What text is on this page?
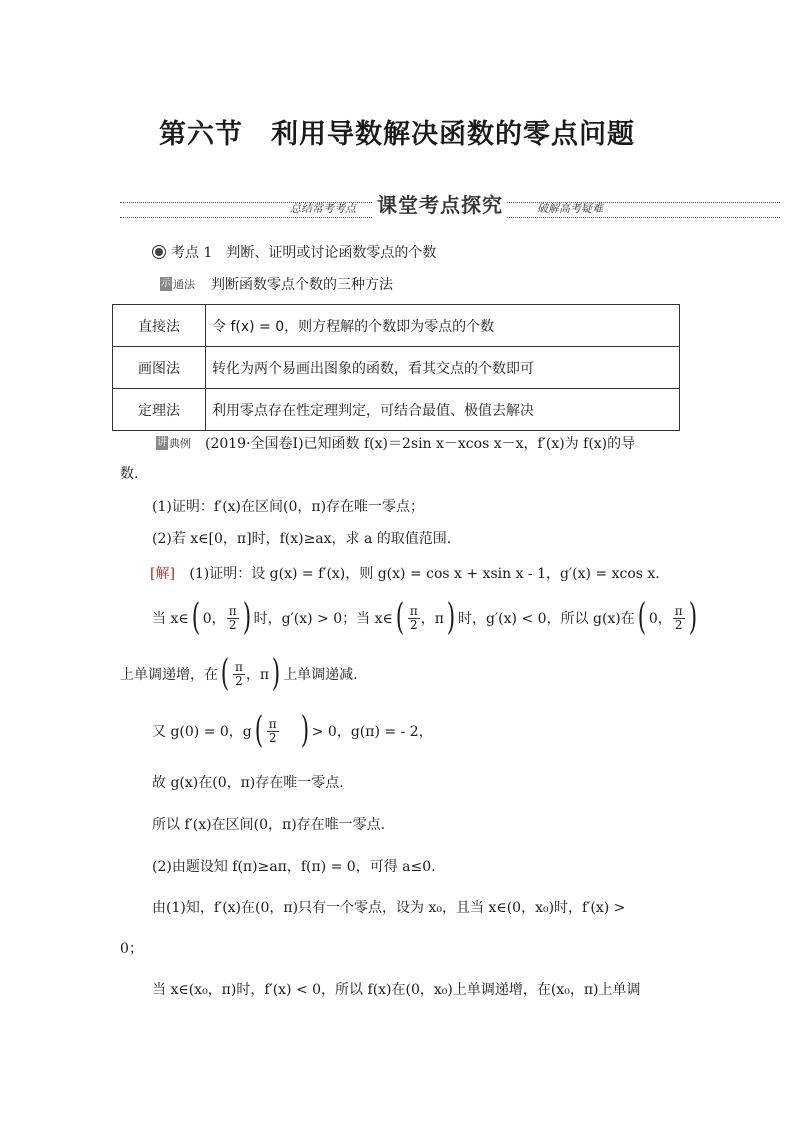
第六节　利用导数解决函数的零点问题
总结常考考点 课堂考点探究	破解高考疑难
考点 1 判断、证明或讨论函数零点的个数
示 通法 判断函数零点个数的三种方法
直接法	令 f(x) = 0，则方程解的个数即为零点的个数
画图法	转化为两个易画出图象的函数，看其交点的个数即可
定理法	利用零点存在性定理判定，可结合最值、极值去解决
讲 典例 (2019·全国卷Ⅰ)已知函数 f(x)＝2sin x－xcos x－x，f′(x)为 f(x)的导
数.
(1)证明：f′(x)在区间(0，π)存在唯一零点；
(2)若 x∈[0，π]时，f(x)≥ax，求 a 的取值范围.
[解] (1)证明：设 g(x) = f′(x)，则 g(x) = cos x + xsin x - 1，g′(x) = xcos x.
当 x∈ ( 0， $\frac{\pi}{2}$ ) 时，g′(x) > 0；当 x∈ ( $\frac{\pi}{2}$ ，π ) 时，g′(x) < 0，所以 g(x)在 ( 0， $\frac{\pi}{2}$ )
上单调递增，在 ( $\frac{\pi}{2}$ ，π ) 上单调递减.
又 g(0) = 0，g ( $\frac{\pi}{2}$ ) > 0，g(π) = - 2，
故 g(x)在(0，π)存在唯一零点.
所以 f′(x)在区间(0，π)存在唯一零点.
(2)由题设知 f(π)≥aπ，f(π) = 0，可得 a≤0.
由(1)知，f′(x)在(0，π)只有一个零点，设为 x₀，且当 x∈(0，x₀)时，f′(x) >
0；
当 x∈(x₀，π)时，f′(x) < 0，所以 f(x)在(0，x₀)上单调递增，在(x₀，π)上单调
